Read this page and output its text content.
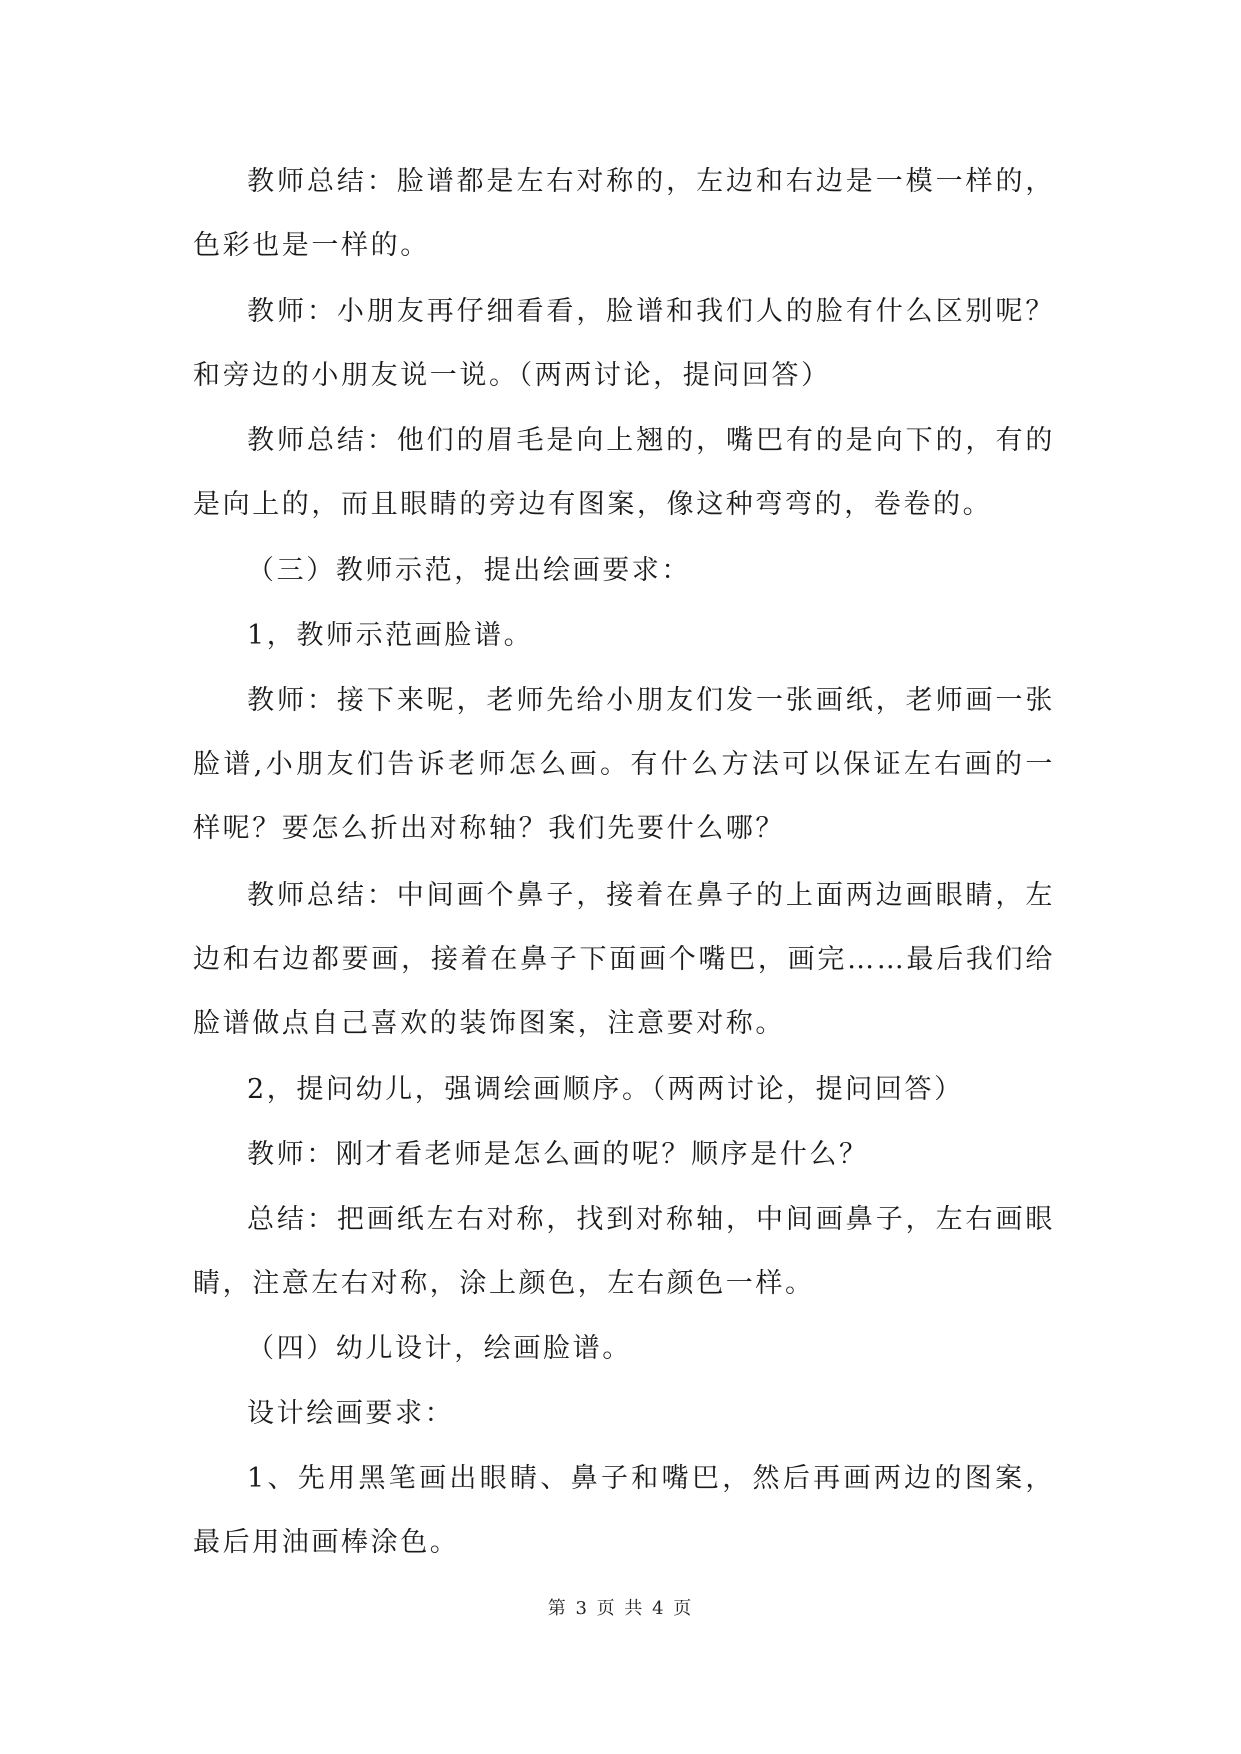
教师总结：脸谱都是左右对称的，左边和右边是一模一样的，色彩也是一样的。

教师：小朋友再仔细看看，脸谱和我们人的脸有什么区别呢？和旁边的小朋友说一说。（两两讨论，提问回答）

教师总结：他们的眉毛是向上翘的，嘴巴有的是向下的，有的是向上的，而且眼睛的旁边有图案，像这种弯弯的，卷卷的。

（三）教师示范，提出绘画要求：

1，教师示范画脸谱。

教师：接下来呢，老师先给小朋友们发一张画纸，老师画一张脸谱,小朋友们告诉老师怎么画。有什么方法可以保证左右画的一样呢？要怎么折出对称轴？我们先要什么哪？

教师总结：中间画个鼻子，接着在鼻子的上面两边画眼睛，左边和右边都要画，接着在鼻子下面画个嘴巴，画完……最后我们给脸谱做点自己喜欢的装饰图案，注意要对称。

2，提问幼儿，强调绘画顺序。（两两讨论，提问回答）

教师：刚才看老师是怎么画的呢？顺序是什么？

总结：把画纸左右对称，找到对称轴，中间画鼻子，左右画眼睛，注意左右对称，涂上颜色，左右颜色一样。

（四）幼儿设计，绘画脸谱。

设计绘画要求：

1、先用黑笔画出眼睛、鼻子和嘴巴，然后再画两边的图案，最后用油画棒涂色。

第 3 页 共 4 页
